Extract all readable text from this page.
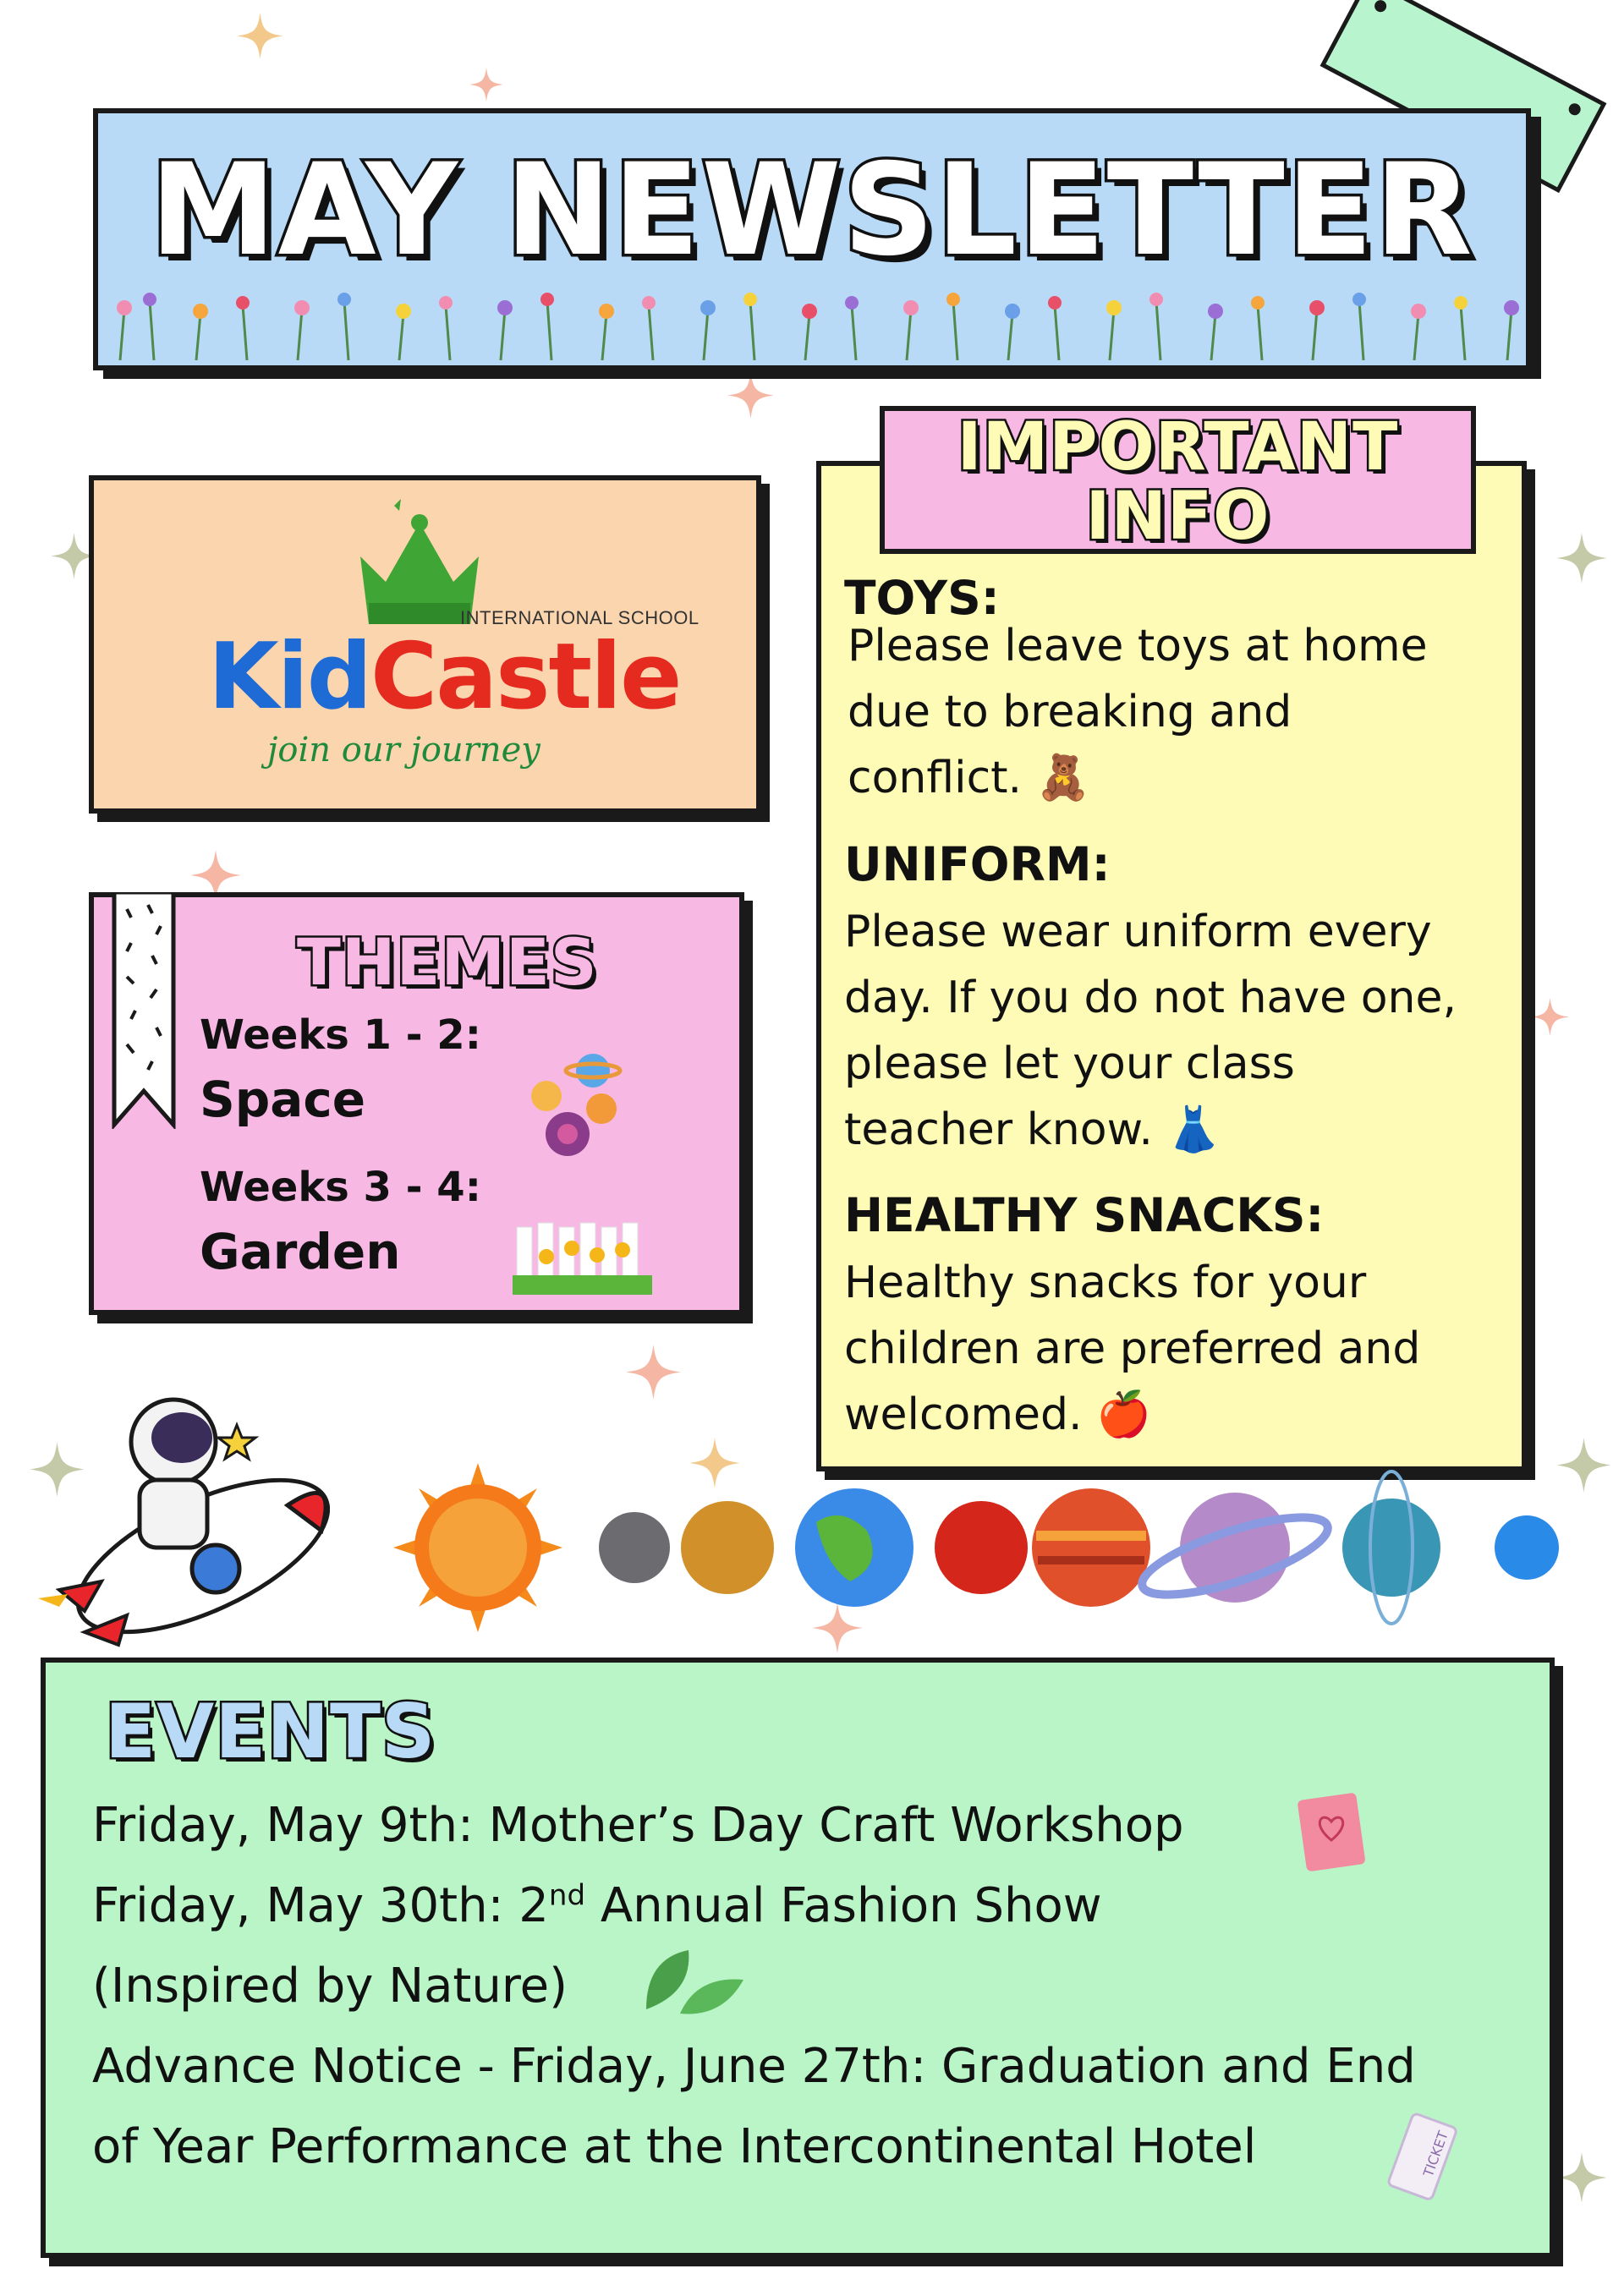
MAY NEWSLETTER
INTERNATIONAL SCHOOL
KidCastle
join our journey
THEMES
Weeks 1 - 2:
Space
Weeks 3 - 4:
Garden
IMPORTANT
INFO
TOYS:
Please leave toys at home
due to breaking and
conflict. 🧸
UNIFORM:
Please wear uniform every
day. If you do not have one,
please let your class
teacher know. 👗
HEALTHY SNACKS:
Healthy snacks for your
children are preferred and
welcomed. 🍎
EVENTS
Friday, May 9th: Mother’s Day Craft Workshop
Friday, May 30th: 2nd Annual Fashion Show
(Inspired by Nature)
Advance Notice - Friday, June 27th: Graduation and End
of Year Performance at the Intercontinental Hotel	TICKET
